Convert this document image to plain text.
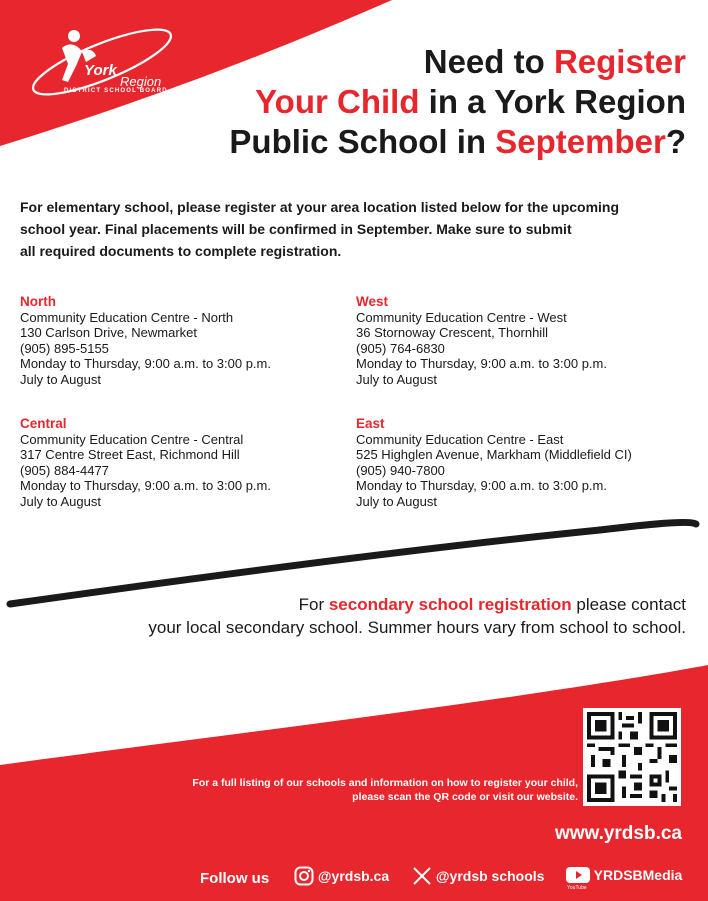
York
Region
DISTRICT SCHOOL BOARD
Need to Register
Your Child in a York Region
Public School in September?
For elementary school, please register at your area location listed below for the upcoming
school year. Final placements will be confirmed in September. Make sure to submit
all required documents to complete registration.
North
Community Education Centre - North
130 Carlson Drive, Newmarket
(905) 895-5155
Monday to Thursday, 9:00 a.m. to 3:00 p.m.
July to August
West
Community Education Centre - West
36 Stornoway Crescent, Thornhill
(905) 764-6830
Monday to Thursday, 9:00 a.m. to 3:00 p.m.
July to August
Central
Community Education Centre - Central
317 Centre Street East, Richmond Hill
(905) 884-4477
Monday to Thursday, 9:00 a.m. to 3:00 p.m.
July to August
East
Community Education Centre - East
525 Highglen Avenue, Markham (Middlefield CI)
(905) 940-7800
Monday to Thursday, 9:00 a.m. to 3:00 p.m.
July to August
For secondary school registration please contact
your local secondary school. Summer hours vary from school to school.
For a full listing of our schools and information on how to register your child,
please scan the QR code or visit our website.
www.yrdsb.ca
Follow us	@yrdsb.ca	@yrdsb schools	YRDSBMedia
YouTube
